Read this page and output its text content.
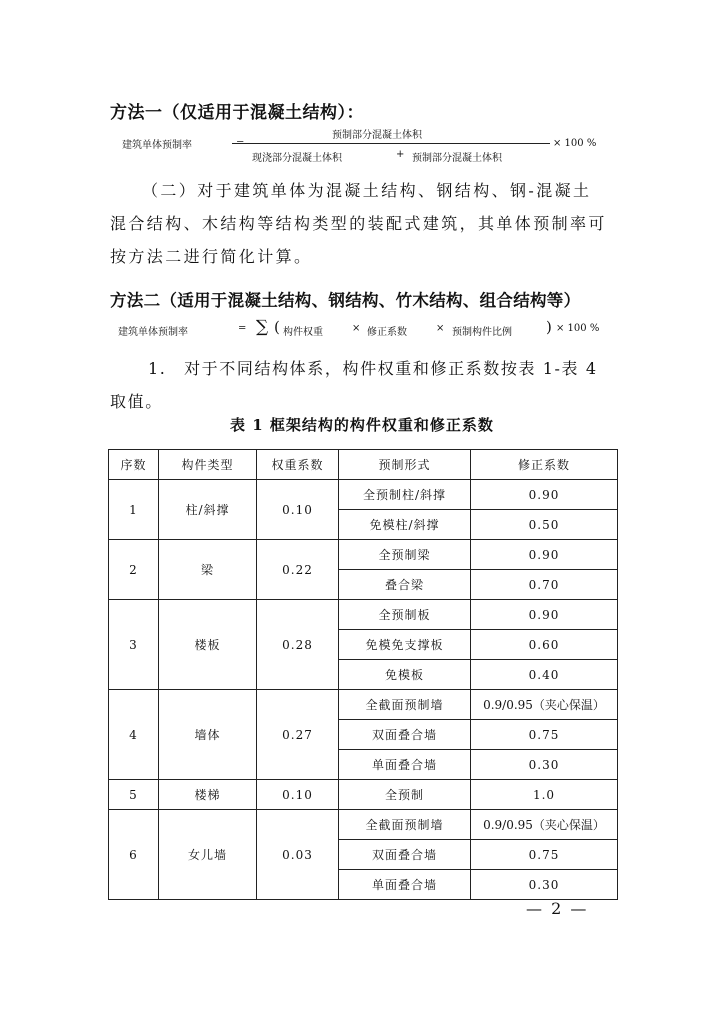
方法一（仅适用于混凝土结构）：
建筑单体预制率	=
预制部分混凝土体积
× 100 %
现浇部分混凝土体积	+ 预制部分混凝土体积
（二）对于建筑单体为混凝土结构、钢结构、钢-混凝土
混合结构、木结构等结构类型的装配式建筑，其单体预制率可
按方法二进行简化计算。
方法二（适用于混凝土结构、钢结构、竹木结构、组合结构等）
建筑单体预制率	= ∑ ( 构件权重	× 修正系数	× 预制构件比例 ) × 100 %
1.　对于不同结构体系，构件权重和修正系数按表 1-表 4
取值。
表 1 框架结构的构件权重和修正系数
序数	构件类型	权重系数	预制形式	修正系数
1	柱/斜撑	0.10	全预制柱/斜撑	0.90
			免模柱/斜撑	0.50
2	梁	0.22	全预制梁	0.90
			叠合梁	0.70
3	楼板	0.28	全预制板	0.90
			免模免支撑板	0.60
			免模板	0.40
4	墙体	0.27	全截面预制墙	0.9/0.95（夹心保温）
			双面叠合墙	0.75
			单面叠合墙	0.30
5	楼梯	0.10	全预制	1.0
6	女儿墙	0.03	全截面预制墙	0.9/0.95（夹心保温）
			双面叠合墙	0.75
			单面叠合墙	0.30
— 2 —
